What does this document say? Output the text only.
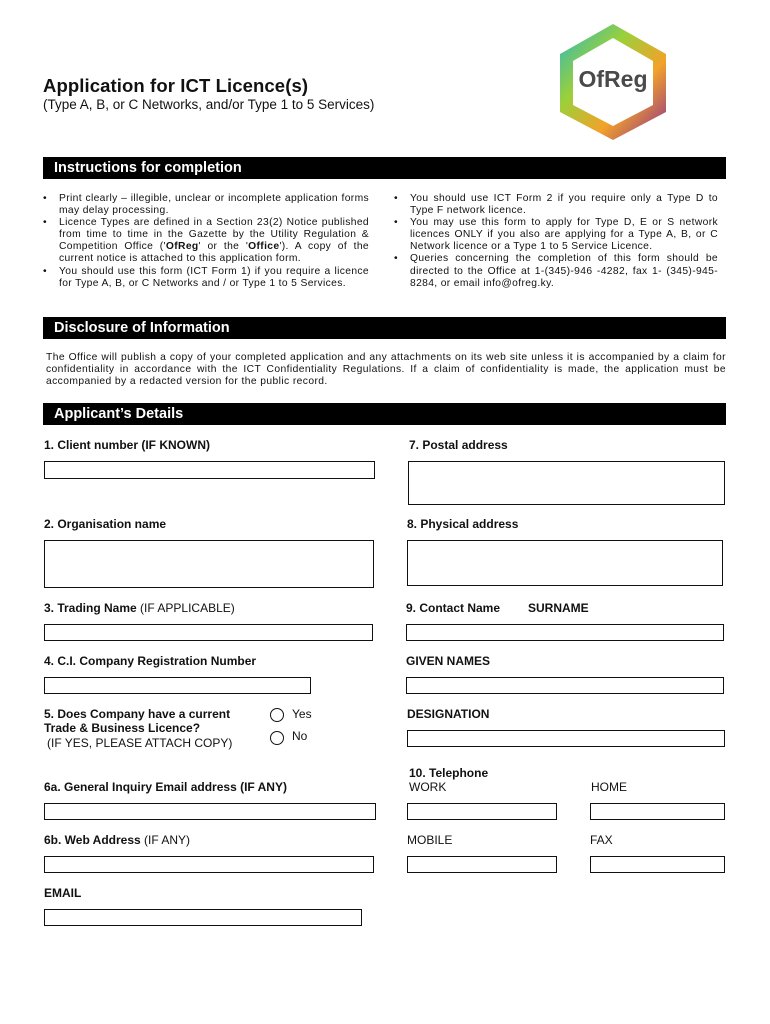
Application for ICT Licence(s)
(Type A, B, or C Networks, and/or Type 1 to 5 Services)
OfReg
Instructions for completion
• Print clearly – illegible, unclear or incomplete application forms may delay processing.
• Licence Types are defined in a Section 23(2) Notice published from time to time in the Gazette by the Utility Regulation & Competition Office ('OfReg' or the 'Office'). A copy of the current notice is attached to this application form.
• You should use this form (ICT Form 1) if you require a licence for Type A, B, or C Networks and / or Type 1 to 5 Services.
• You should use ICT Form 2 if you require only a Type D to Type F network licence.
• You may use this form to apply for Type D, E or S network licences ONLY if you also are applying for a Type A, B, or C Network licence or a Type 1 to 5 Service Licence.
• Queries concerning the completion of this form should be directed to the Office at 1-(345)-946 -4282, fax 1- (345)-945-8284, or email info@ofreg.ky.
Disclosure of Information
The Office will publish a copy of your completed application and any attachments on its web site unless it is accompanied by a claim for confidentiality in accordance with the ICT Confidentiality Regulations. If a claim of confidentiality is made, the application must be accompanied by a redacted version for the public record.
Applicant’s Details
1. Client number (IF KNOWN)
2. Organisation name
3. Trading Name (IF APPLICABLE)
4. C.I. Company Registration Number
5. Does Company have a current
Trade & Business Licence?
(IF YES, PLEASE ATTACH COPY)
Yes
No
6a. General Inquiry Email address (IF ANY)
6b. Web Address (IF ANY)
EMAIL
7. Postal address
8. Physical address
9. Contact Name SURNAME
GIVEN NAMES
DESIGNATION
10. Telephone
WORK	HOME
MOBILE	FAX
